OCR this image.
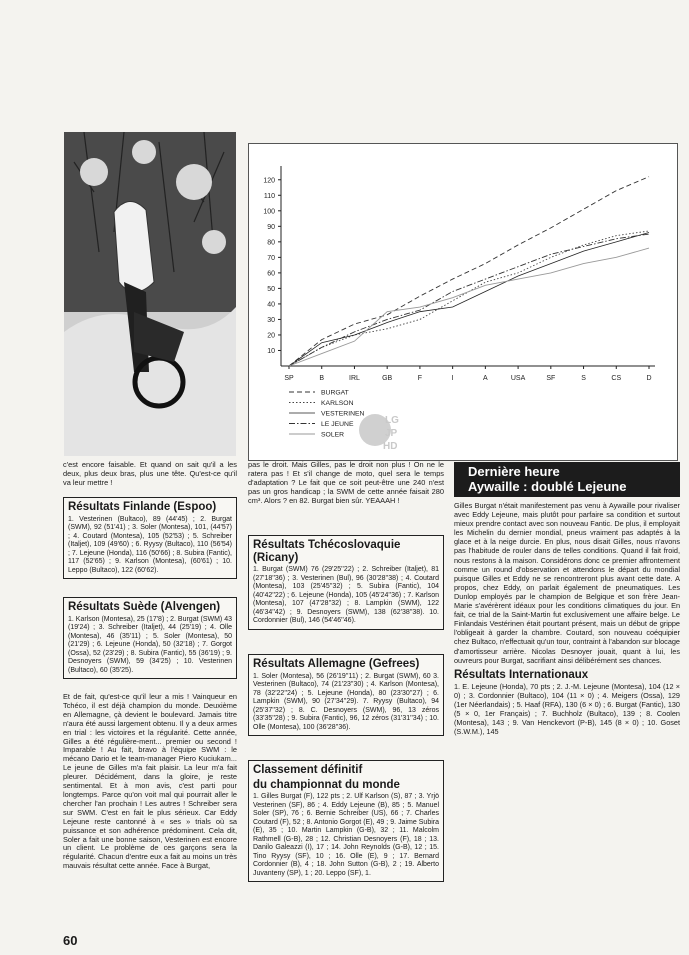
10
20
30
40
50
60
70
80
90
100
110
120
SP	B	IRL	GB	F	I	A	USA	SF	S	CS	D
BURGAT
KARLSON
VESTERINEN
LE JEUNE
SOLER
LG
JP
HD
c'est encore faisable. Et quand on sait qu'il a les deux, plus deux bras, plus une tête. Qu'est-ce qu'il va leur mettre !
Résultats Finlande (Espoo)

1. Vesterinen (Bultaco), 89 (44'45) ; 2. Burgat (SWM), 92 (51'41) ; 3. Soler (Montesa), 101, (44'57) ; 4. Coutard (Montesa), 105 (52'53) ; 5. Schreiber (Italjet), 109 (49'60) ; 6. Ryysy (Bultaco), 110 (56'54) ; 7. Lejeune (Honda), 116 (50'66) ; 8. Subira (Fantic), 117 (52'65) ; 9. Karlson (Montesa), (60'61) ; 10. Leppo (Bultaco), 122 (60'62).

Résultats Suède (Alvengen)

1. Karlson (Montesa), 25 (17'8) ; 2. Burgat (SWM) 43 (19'24) ; 3. Schreiber (Italjet), 44 (25'19) ; 4. Olle (Montesa), 46 (35'11) ; 5. Soler (Montesa), 50 (21'29) ; 6. Lejeune (Honda), 50 (32'18) ; 7. Gorgot (Ossa), 52 (23'29) ; 8. Subira (Fantic), 55 (36'19) ; 9. Desnoyers (SWM), 59 (34'25) ; 10. Vesterinen (Bultaco), 60 (35'25).

Et de fait, qu'est-ce qu'il leur a mis ! Vainqueur en Tchéco, il est déjà champion du monde. Deuxième en Allemagne, çà devient le boulevard. Jamais titre n'aura été aussi largement obtenu. Il y a deux armes en trial : les victoires et la régularité. Cette année, Gilles a été régulière-ment... premier ou second ! Imparable ! Au fait, bravo à l'équipe SWM : le mécano Dario et le team-manager Piero Kuciukam... Le jeune de Gilles m'a fait plaisir. La leur m'a fait pleurer. Décidément, dans la gloire, je reste sentimental. Et à mon avis, c'est parti pour longtemps. Parce qu'on voit mal qui pourrait aller le chercher l'an prochain ! Les autres ! Schreiber sera sur SWM. C'est en fait le plus sérieux. Car Eddy Lejeune reste cantonné à « ses » trials où sa puissance et son adhérence prédominent. Cela dit, Soler a fait une bonne saison, Vesterinen est encore un client. Le problème de ces garçons sera la régularité. Chacun d'entre eux a fait au moins un très mauvais résultat cette année. Face à Burgat,
pas le droit. Mais Gilles, pas le droit non plus ! On ne le ratera pas ! Et s'il change de moto, quel sera le temps d'adaptation ? Le fait que ce soit peut-être une 240 n'est pas un gros handicap ; la SWM de cette année faisait 280 cm³. Alors ? en 82. Burgat bien sûr. YEAAAH !
Résultats Tchécoslovaquie (Ricany)

1. Burgat (SWM) 76 (29'25''22) ; 2. Schreiber (Italjet), 81 (27'18''36) ; 3. Vesterinen (Bul), 96 (30'28''38) ; 4. Coutard (Montesa), 103 (25'45''32) ; 5. Subira (Fantic), 104 (40'42''22) ; 6. Lejeune (Honda), 105 (45'24''36) ; 7. Karlson (Montesa), 107 (47'28''32) ; 8. Lampkin (SWM), 122 (46'34''42) ; 9. Desnoyers (SWM), 138 (62'38''38). 10. Cordonnier (Bul), 146 (54'46''46).

Résultats Allemagne (Gefrees)

1. Soler (Montesa), 56 (26'19''11) ; 2. Burgat (SWM), 60 3. Vesterinen (Bultaco), 74 (21'23''30) ; 4. Karlson (Montesa), 78 (32'22''24) ; 5. Lejeune (Honda), 80 (23'30''27) ; 6. Lampkin (SWM), 90 (27'34''29). 7. Ryysy (Bultaco), 94 (25'37''32) ; 8. C. Desnoyers (SWM), 96, 13 zéros (33'35''28) ; 9. Subira (Fantic), 96, 12 zéros (31'31''34) ; 10. Olle (Montesa), 100 (36'28''36).

Classement définitif
du championnat du monde

1. Gilles Burgat (F), 122 pts ; 2. Ulf Karlson (S), 87 ; 3. Yrjö Vesterinen (SF), 86 ; 4. Eddy Lejeune (B), 85 ; 5. Manuel Soler (SP), 76 ; 6. Bernie Schreiber (US), 66 ; 7. Charles Coutard (F), 52 ; 8. Antonio Gorgot (E), 49 ; 9. Jaime Subira (E), 35 ; 10. Martin Lampkin (G-B), 32 ; 11. Malcolm Rathmell (G-B), 28 ; 12. Christian Desnoyers (F), 18 ; 13. Danilo Galeazzi (I), 17 ; 14. John Reynolds (G-B), 12 ; 15. Tino Ryysy (SF), 10 ; 16. Olle (E), 9 ; 17. Bernard Cordonnier (B), 4 ; 18. John Sutton (G-B), 2 ; 19. Alberto Juvanteny (SP), 1 ; 20. Leppo (SF), 1.

Dernière heure
Aywaille : doublé Lejeune
Gilles Burgat n'était manifestement pas venu à Aywaille pour rivaliser avec Eddy Lejeune, mais plutôt pour parfaire sa condition et surtout mieux prendre contact avec son nouveau Fantic. De plus, il employait les Michelin du dernier mondial, pneus vraiment pas adaptés à la glace et à la neige durcie. En plus, nous disait Gilles, nous n'avons pas l'habitude de rouler dans de telles conditions. Quand il fait froid, nous restons à la maison. Considérons donc ce premier affrontement comme un round d'observation et attendons le départ du mondial puisque Gilles et Eddy ne se rencontreront plus avant cette date. A propos, chez Eddy, on parlait également de pneumatiques. Les Dunlop employés par le champion de Belgique et son frère Jean-Marie s'avérèrent idéaux pour les conditions climatiques du jour. En fait, ce trial de la Saint-Martin fut exclusivement une affaire belge. Le Finlandais Vestérinen était pourtant présent, mais un début de grippe l'obligeait à garder la chambre. Coutard, son nouveau coéquipier chez Bultaco, n'effectuait qu'un tour, contraint à l'abandon sur blocage d'amortisseur arrière. Nicolas Desnoyer jouait, quant à lui, les ouvreurs pour Burgat, sacrifiant ainsi délibérément ses chances.
Résultats Internationaux
1. E. Lejeune (Honda), 70 pts ; 2. J.-M. Lejeune (Montesa), 104 (12 × 0) ; 3. Cordonnier (Bultaco), 104 (11 × 0) ; 4. Meigers (Ossa), 129 (1er Néerlandais) ; 5. Haaf (RFA), 130 (6 × 0) ; 6. Burgat (Fantic), 130 (5 × 0, 1er Français) ; 7. Buchholz (Bultaco), 139 ; 8. Coolen (Montesa), 143 ; 9. Van Henckevort (P-B), 145 (8 × 0) ; 10. Goset (S.W.M.), 145
60
